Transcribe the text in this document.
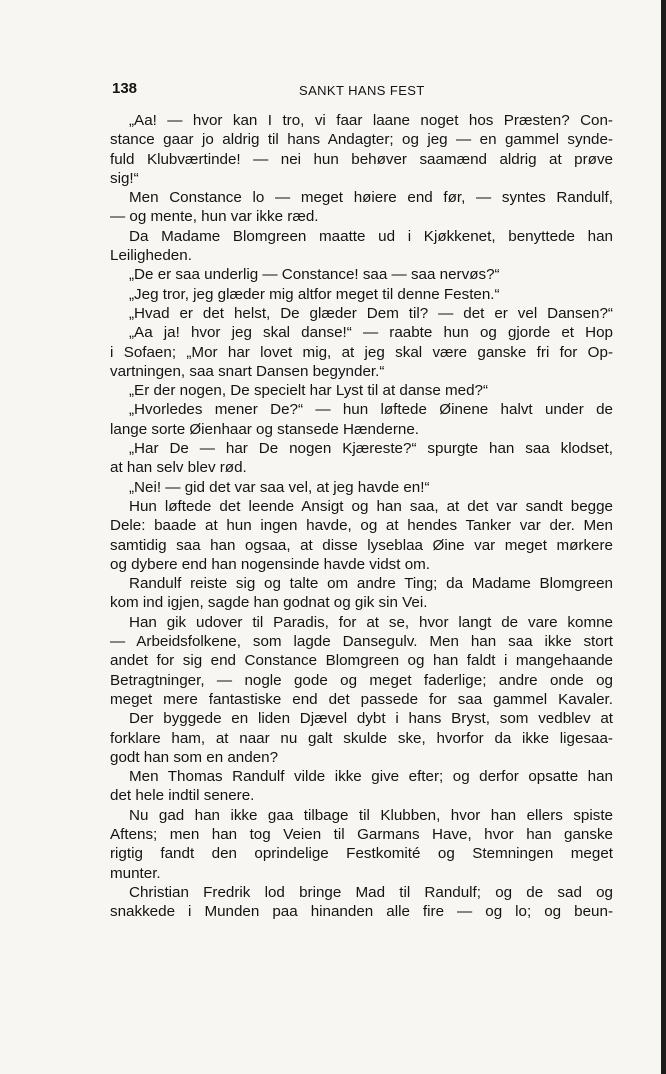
138	SANKT HANS FEST
„Aa! — hvor kan I tro, vi faar laane noget hos Præsten? Con-
stance gaar jo aldrig til hans Andagter; og jeg — en gammel synde-
fuld Klubværtinde! — nei hun behøver saamænd aldrig at prøve
sig!“
Men Constance lo — meget høiere end før, — syntes Randulf,
— og mente, hun var ikke ræd.
Da Madame Blomgreen maatte ud i Kjøkkenet, benyttede han
Leiligheden.
„De er saa underlig — Constance! saa — saa nervøs?“
„Jeg tror, jeg glæder mig altfor meget til denne Festen.“
„Hvad er det helst, De glæder Dem til? — det er vel Dansen?“
„Aa ja! hvor jeg skal danse!“ — raabte hun og gjorde et Hop
i Sofaen; „Mor har lovet mig, at jeg skal være ganske fri for Op-
vartningen, saa snart Dansen begynder.“
„Er der nogen, De specielt har Lyst til at danse med?“
„Hvorledes mener De?“ — hun løftede Øinene halvt under de
lange sorte Øienhaar og stansede Hænderne.
„Har De — har De nogen Kjæreste?“ spurgte han saa klodset,
at han selv blev rød.
„Nei! — gid det var saa vel, at jeg havde en!“
Hun løftede det leende Ansigt og han saa, at det var sandt begge
Dele: baade at hun ingen havde, og at hendes Tanker var der. Men
samtidig saa han ogsaa, at disse lyseblaa Øine var meget mørkere
og dybere end han nogensinde havde vidst om.
Randulf reiste sig og talte om andre Ting; da Madame Blomgreen
kom ind igjen, sagde han godnat og gik sin Vei.
Han gik udover til Paradis, for at se, hvor langt de vare komne
— Arbeidsfolkene, som lagde Dansegulv. Men han saa ikke stort
andet for sig end Constance Blomgreen og han faldt i mangehaande
Betragtninger, — nogle gode og meget faderlige; andre onde og
meget mere fantastiske end det passede for saa gammel Kavaler.
Der byggede en liden Djævel dybt i hans Bryst, som vedblev at
forklare ham, at naar nu galt skulde ske, hvorfor da ikke ligesaa-
godt han som en anden?
Men Thomas Randulf vilde ikke give efter; og derfor opsatte han
det hele indtil senere.
Nu gad han ikke gaa tilbage til Klubben, hvor han ellers spiste
Aftens; men han tog Veien til Garmans Have, hvor han ganske
rigtig fandt den oprindelige Festkomité og Stemningen meget
munter.
Christian Fredrik lod bringe Mad til Randulf; og de sad og
snakkede i Munden paa hinanden alle fire — og lo; og beun-
